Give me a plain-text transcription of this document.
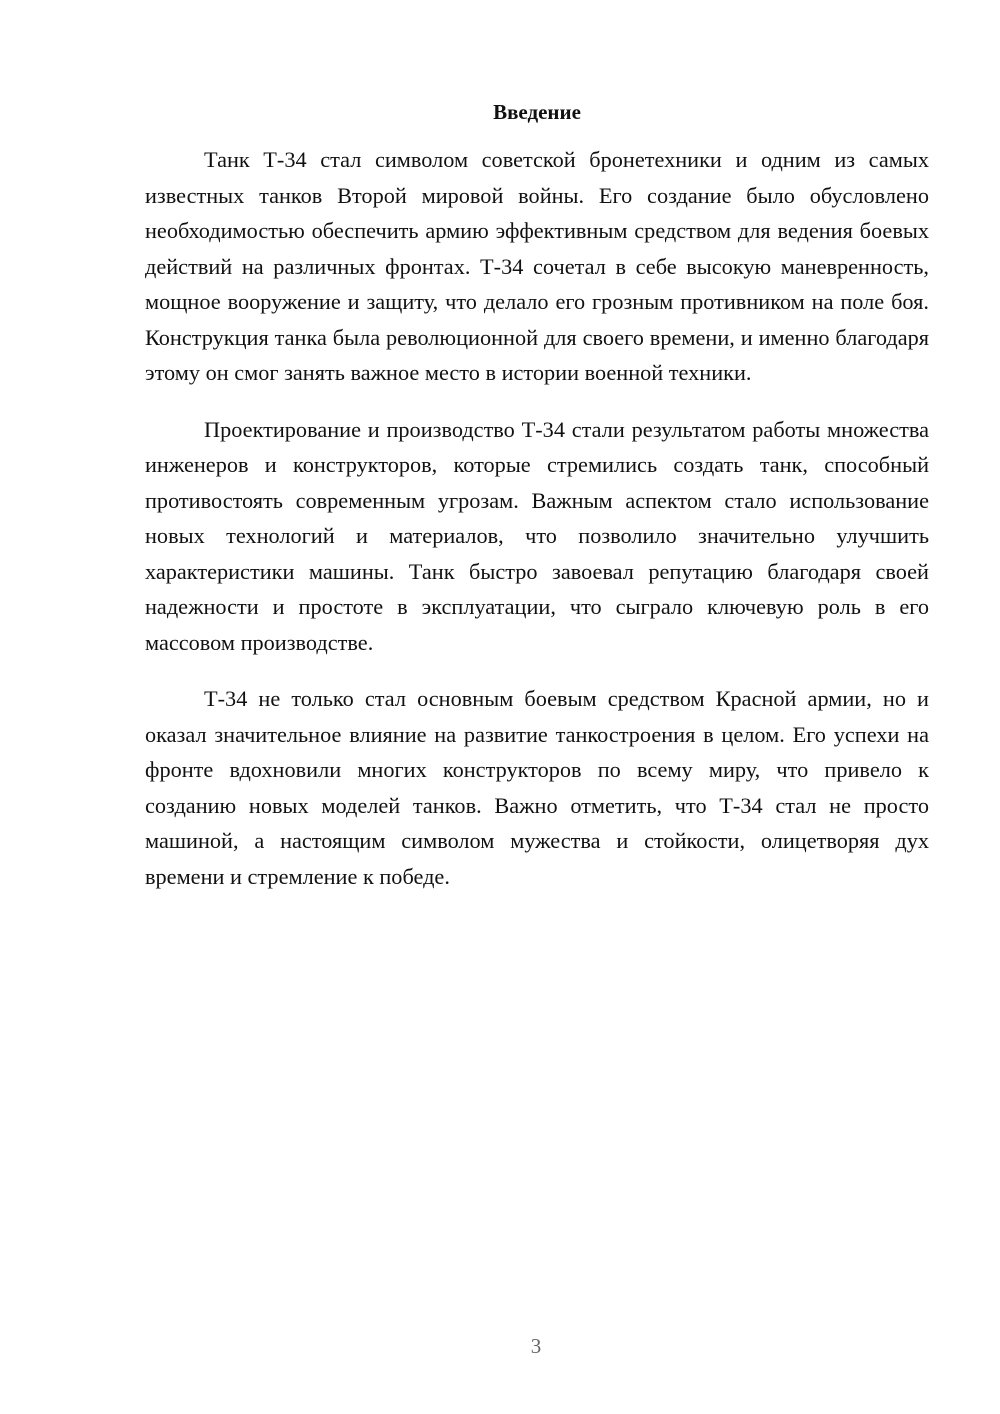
Введение

Танк Т-34 стал символом советской бронетехники и одним из самых известных танков Второй мировой войны. Его создание было обусловлено необходимостью обеспечить армию эффективным средством для ведения боевых действий на различных фронтах. Т-34 сочетал в себе высокую маневренность, мощное вооружение и защиту, что делало его грозным противником на поле боя. Конструкция танка была революционной для своего времени, и именно благодаря этому он смог занять важное место в истории военной техники.

Проектирование и производство Т-34 стали результатом работы множества инженеров и конструкторов, которые стремились создать танк, способный противостоять современным угрозам. Важным аспектом стало использование новых технологий и материалов, что позволило значительно улучшить характеристики машины. Танк быстро завоевал репутацию благодаря своей надежности и простоте в эксплуатации, что сыграло ключевую роль в его массовом производстве.

Т-34 не только стал основным боевым средством Красной армии, но и оказал значительное влияние на развитие танкостроения в целом. Его успехи на фронте вдохновили многих конструкторов по всему миру, что привело к созданию новых моделей танков. Важно отметить, что Т-34 стал не просто машиной, а настоящим символом мужества и стойкости, олицетворяя дух времени и стремление к победе.

3
